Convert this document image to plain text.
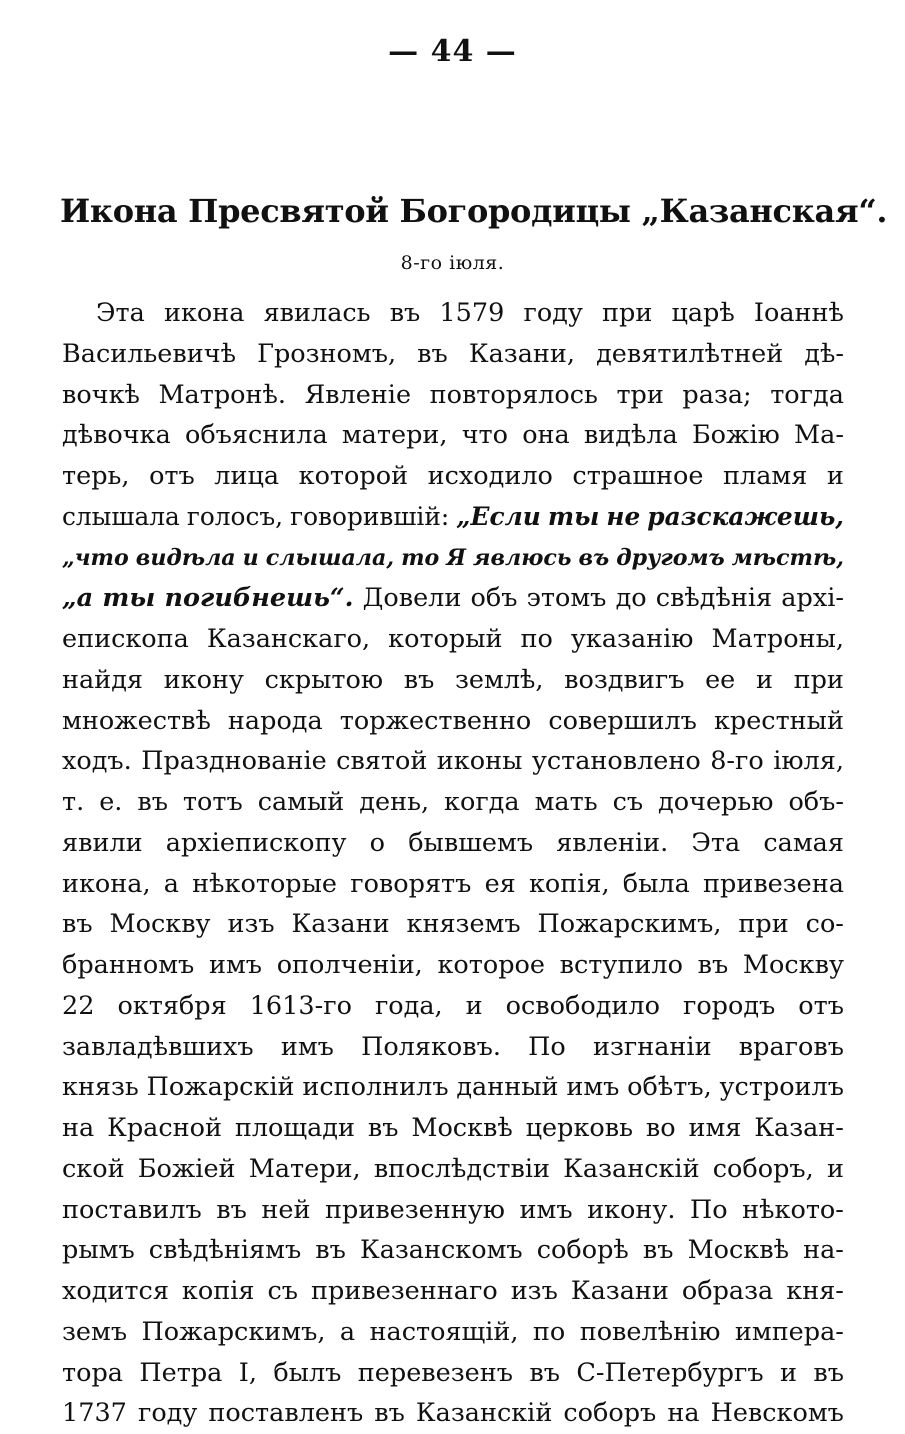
— 44 —
Икона Пресвятой Богородицы „Казанская“.
8-го іюля.
Эта икона явилась въ 1579 году при царѣ Іоаннѣ
Васильевичѣ Грозномъ, въ Казани, девятилѣтней дѣ-
вочкѣ Матронѣ. Явленіе повторялось три раза; тогда
дѣвочка объяснила матери, что она видѣла Божію Ма-
терь, отъ лица которой исходило страшное пламя и
слышала голосъ, говорившій: „Если ты не разскажешь,
„что видѣла и слышала, то Я явлюсь въ другомъ мѣстѣ,
„а ты погибнешь“. Довели объ этомъ до свѣдѣнія архі-
епископа Казанскаго, который по указанію Матроны,
найдя икону скрытою въ землѣ, воздвигъ ее и при
множествѣ народа торжественно совершилъ крестный
ходъ. Празднованіе святой иконы установлено 8-го іюля,
т. е. въ тотъ самый день, когда мать съ дочерью объ-
явили архіепископу о бывшемъ явленіи. Эта самая
икона, а нѣкоторые говорятъ ея копія, была привезена
въ Москву изъ Казани княземъ Пожарскимъ, при со-
бранномъ имъ ополченіи, которое вступило въ Москву
22 октября 1613-го года, и освободило городъ отъ
завладѣвшихъ имъ Поляковъ. По изгнаніи враговъ
князь Пожарскій исполнилъ данный имъ обѣтъ, устроилъ
на Красной площади въ Москвѣ церковь во имя Казан-
ской Божіей Матери, впослѣдствіи Казанскій соборъ, и
поставилъ въ ней привезенную имъ икону. По нѣкото-
рымъ свѣдѣніямъ въ Казанскомъ соборѣ въ Москвѣ на-
ходится копія съ привезеннаго изъ Казани образа кня-
земъ Пожарскимъ, а настоящій, по повелѣнію импера-
тора Петра I, былъ перевезенъ въ С-Петербургъ и въ
1737 году поставленъ въ Казанскій соборъ на Невскомъ
